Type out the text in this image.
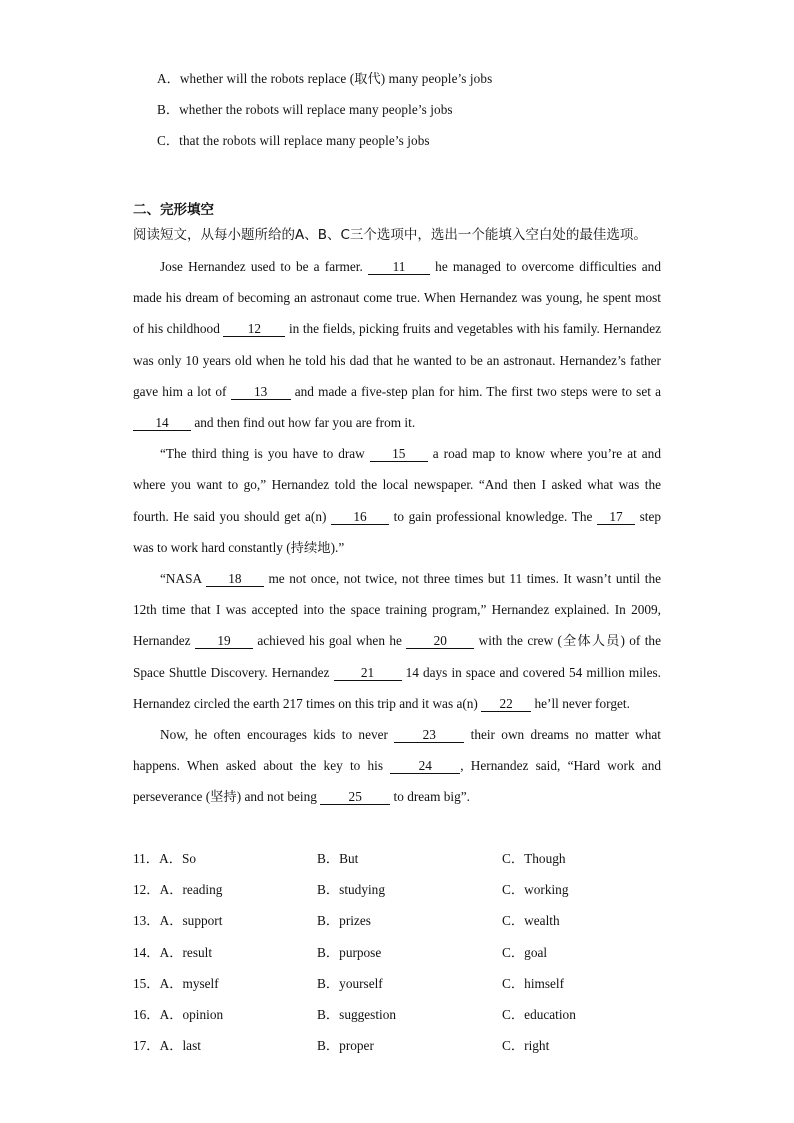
A．whether will the robots replace (取代) many people’s jobs
B．whether the robots will replace many people’s jobs
C．that the robots will replace many people’s jobs
二、完形填空
阅读短文，从每小题所给的A、B、C三个选项中，选出一个能填入空白处的最佳选项。

Jose Hernandez used to be a farmer. 11 he managed to overcome difficulties and made his dream of becoming an astronaut come true. When Hernandez was young, he spent most of his childhood 12 in the fields, picking fruits and vegetables with his family. Hernandez was only 10 years old when he told his dad that he wanted to be an astronaut. Hernandez’s father gave him a lot of 13 and made a five-step plan for him. The first two steps were to set a 14 and then find out how far you are from it.

“The third thing is you have to draw 15 a road map to know where you’re at and where you want to go,” Hernandez told the local newspaper. “And then I asked what was the fourth. He said you should get a(n) 16 to gain professional knowledge. The 17 step was to work hard constantly (持续地).”

“NASA 18 me not once, not twice, not three times but 11 times. It wasn’t until the 12th time that I was accepted into the space training program,” Hernandez explained. In 2009, Hernandez 19 achieved his goal when he 20 with the crew (全体人员) of the Space Shuttle Discovery. Hernandez 21 14 days in space and covered 54 million miles. Hernandez circled the earth 217 times on this trip and it was a(n) 22 he’ll never forget.

Now, he often encourages kids to never 23 their own dreams no matter what happens. When asked about the key to his 24 , Hernandez said, “Hard work and perseverance (坚持) and not being 25 to dream big”.

11．A．So	B．But	C．Though
12．A．reading	B．studying	C．working
13．A．support	B．prizes	C．wealth
14．A．result	B．purpose	C．goal
15．A．myself	B．yourself	C．himself
16．A．opinion	B．suggestion	C．education
17．A．last	B．proper	C．right
